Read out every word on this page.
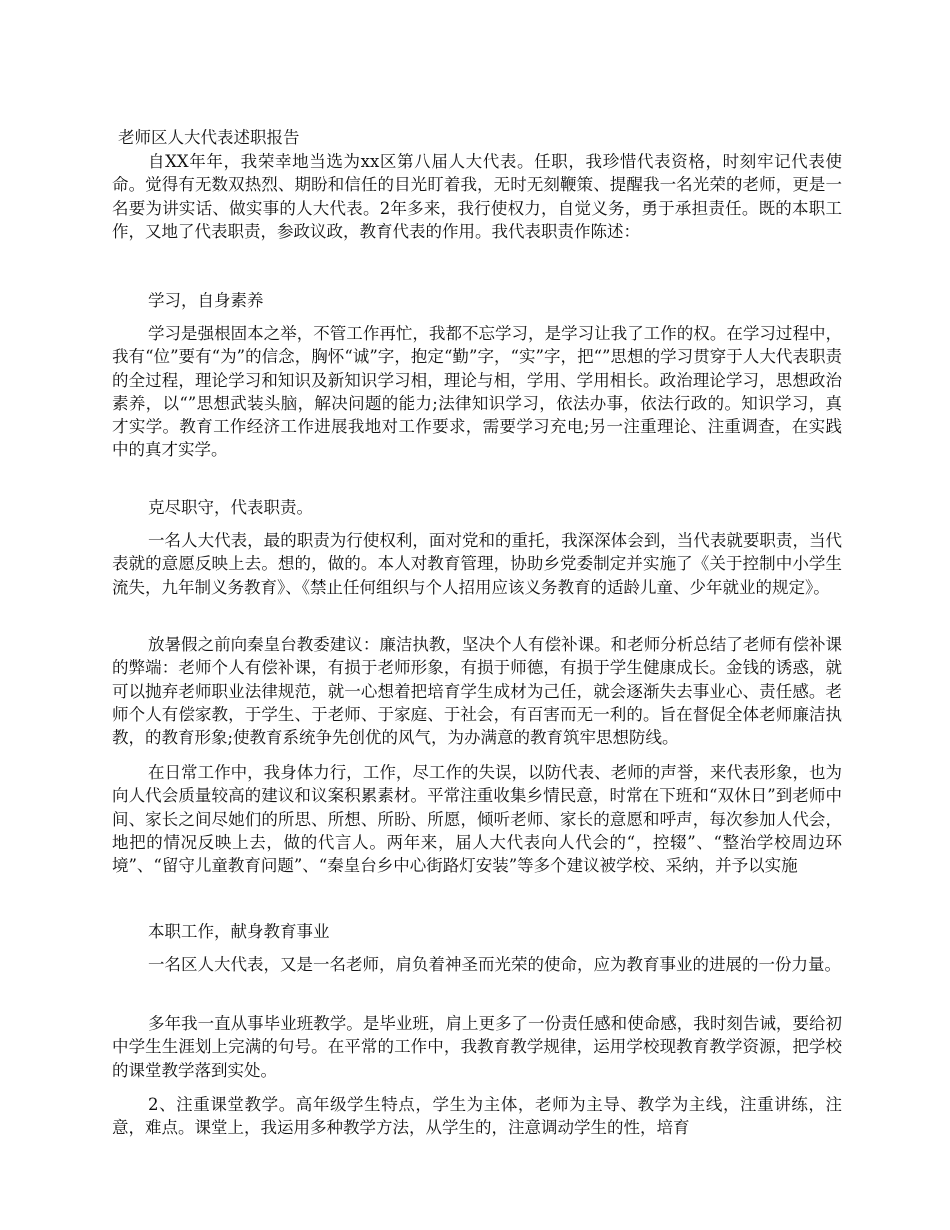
老师区人大代表述职报告

自XX年年，我荣幸地当选为xx区第八届人大代表。任职，我珍惜代表资格，时刻牢记代表使命。觉得有无数双热烈、期盼和信任的目光盯着我，无时无刻鞭策、提醒我一名光荣的老师，更是一名要为讲实话、做实事的人大代表。2年多来，我行使权力，自觉义务，勇于承担责任。既的本职工作，又地了代表职责，参政议政，教育代表的作用。我代表职责作陈述：

学习，自身素养

学习是强根固本之举，不管工作再忙，我都不忘学习，是学习让我了工作的权。在学习过程中，我有“位”要有“为”的信念，胸怀“诚”字，抱定“勤”字，“实”字，把“”思想的学习贯穿于人大代表职责的全过程，理论学习和知识及新知识学习相，理论与相，学用、学用相长。政治理论学习，思想政治素养，以“”思想武装头脑，解决问题的能力;法律知识学习，依法办事，依法行政的。知识学习，真才实学。教育工作经济工作进展我地对工作要求，需要学习充电;另一注重理论、注重调查，在实践中的真才实学。

克尽职守，代表职责。

一名人大代表，最的职责为行使权利，面对党和的重托，我深深体会到，当代表就要职责，当代表就的意愿反映上去。想的，做的。本人对教育管理，协助乡党委制定并实施了《关于控制中小学生流失，九年制义务教育》、《禁止任何组织与个人招用应该义务教育的适龄儿童、少年就业的规定》。

放暑假之前向秦皇台教委建议：廉洁执教，坚决个人有偿补课。和老师分析总结了老师有偿补课的弊端：老师个人有偿补课，有损于老师形象，有损于师德，有损于学生健康成长。金钱的诱惑，就可以抛弃老师职业法律规范，就一心想着把培育学生成材为己任，就会逐渐失去事业心、责任感。老师个人有偿家教，于学生、于老师、于家庭、于社会，有百害而无一利的。旨在督促全体老师廉洁执教，的教育形象;使教育系统争先创优的风气，为办满意的教育筑牢思想防线。

在日常工作中，我身体力行，工作，尽工作的失误，以防代表、老师的声誉，来代表形象，也为向人代会质量较高的建议和议案积累素材。平常注重收集乡情民意，时常在下班和“双休日”到老师中间、家长之间尽她们的所思、所想、所盼、所愿，倾听老师、家长的意愿和呼声，每次参加人代会，地把的情况反映上去，做的代言人。两年来，届人大代表向人代会的“，控辍”、“整治学校周边环境”、“留守儿童教育问题”、“秦皇台乡中心街路灯安装”等多个建议被学校、采纳，并予以实施

本职工作，献身教育事业

一名区人大代表，又是一名老师，肩负着神圣而光荣的使命，应为教育事业的进展的一份力量。

多年我一直从事毕业班教学。是毕业班，肩上更多了一份责任感和使命感，我时刻告诫，要给初中学生生涯划上完满的句号。在平常的工作中，我教育教学规律，运用学校现教育教学资源，把学校的课堂教学落到实处。

2、注重课堂教学。高年级学生特点，学生为主体，老师为主导、教学为主线，注重讲练，注意，难点。课堂上，我运用多种教学方法，从学生的，注意调动学生的性，培育
